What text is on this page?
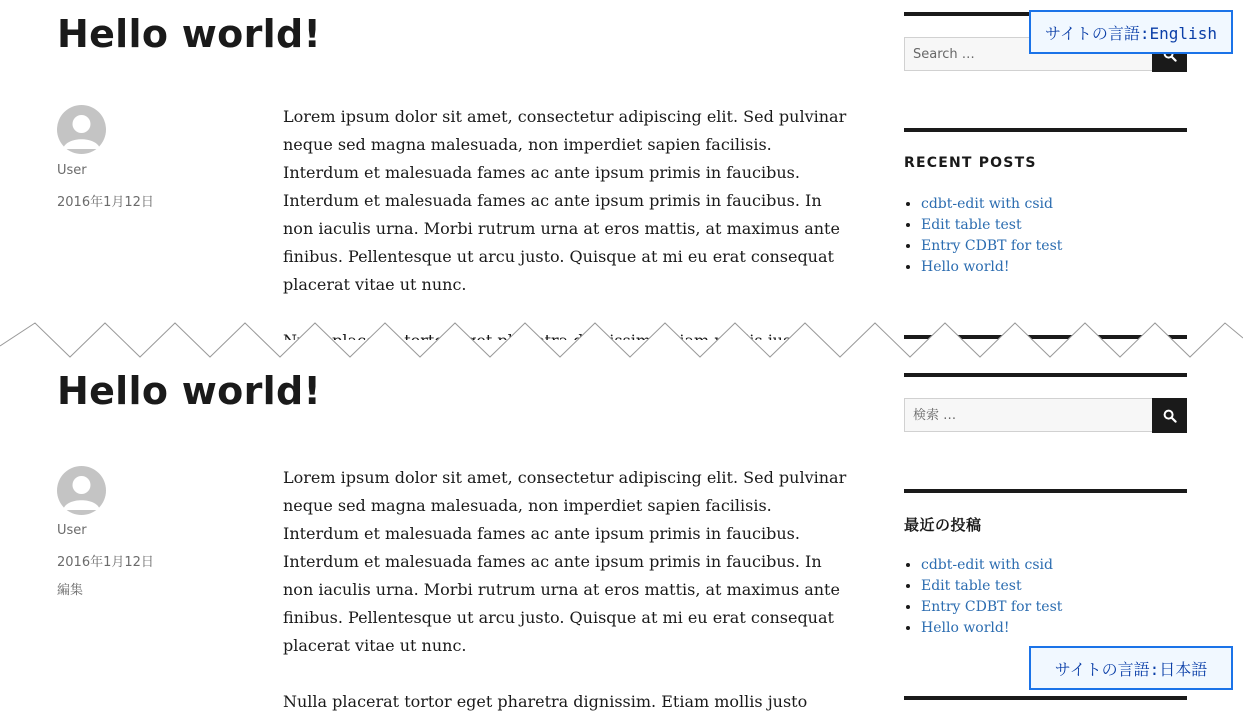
Hello world!

User

2016年1月12日

Lorem ipsum dolor sit amet, consectetur adipiscing elit. Sed pulvinar neque sed magna malesuada, non imperdiet sapien facilisis. Interdum et malesuada fames ac ante ipsum primis in faucibus. Interdum et malesuada fames ac ante ipsum primis in faucibus. In non iaculis urna. Morbi rutrum urna at eros mattis, at maximus ante finibus. Pellentesque ut arcu justo. Quisque at mi eu erat consequat placerat vitae ut nunc.

Search …
RECENT POSTS
• cdbt-edit with csid
• Edit table test
• Entry CDBT for test
• Hello world!
サイトの言語:English
Hello world!

User

2016年1月12日

編集

Lorem ipsum dolor sit amet, consectetur adipiscing elit. Sed pulvinar neque sed magna malesuada, non imperdiet sapien facilisis. Interdum et malesuada fames ac ante ipsum primis in faucibus. Interdum et malesuada fames ac ante ipsum primis in faucibus. In non iaculis urna. Morbi rutrum urna at eros mattis, at maximus ante finibus. Pellentesque ut arcu justo. Quisque at mi eu erat consequat placerat vitae ut nunc.

Nulla placerat tortor eget pharetra dignissim. Etiam mollis justo

検索 …
最近の投稿
• cdbt-edit with csid
• Edit table test
• Entry CDBT for test
• Hello world!
サイトの言語:日本語
